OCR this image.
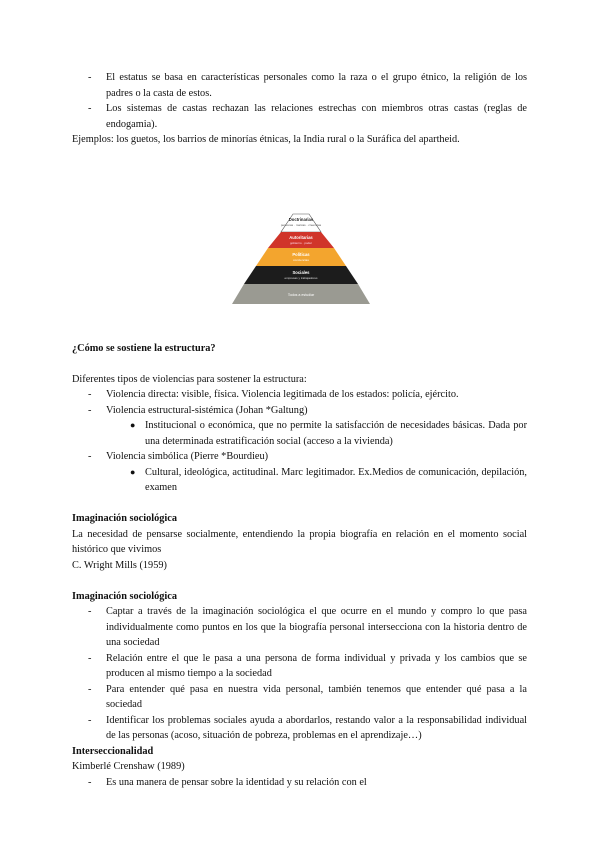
- El estatus se basa en características personales como la raza o el grupo étnico, la religión de los padres o la casta de estos.
- Los sistemas de castas rechazan las relaciones estrechas con miembros otras castas (reglas de endogamia).
Ejemplos: los guetos, los barrios de minorías étnicas, la India rural o la Suráfica del apartheid.
¿Cómo se sostiene la estructura?
Diferentes tipos de violencias para sostener la estructura:
- Violencia directa: visible, física. Violencia legitimada de los estados: policía, ejército.
- Violencia estructural-sistémica (Johan *Galtung)
● Institucional o económica, que no permite la satisfacción de necesidades básicas. Dada por una determinada estratificación social (acceso a la vivienda)
- Violencia simbólica (Pierre *Bourdieu)
● Cultural, ideológica, actitudinal. Marc legitimador. Ex.Medios de comunicación, depilación, examen
Imaginación sociológica
La necesidad de pensarse socialmente, entendiendo la propia biografía en relación en el momento social histórico que vivimos
C. Wright Mills (1959)
Imaginación sociológica
- Captar a través de la imaginación sociológica el que ocurre en el mundo y compro lo que pasa individualmente como puntos en los que la biografía personal intersecciona con la historia dentro de una sociedad
- Relación entre el que le pasa a una persona de forma individual y privada y los cambios que se producen al mismo tiempo a la sociedad
- Para entender qué pasa en nuestra vida personal, también tenemos que entender qué pasa a la sociedad
- Identificar los problemas sociales ayuda a abordarlos, restando valor a la responsabilidad individual de las personas (acoso, situación de pobreza, problemas en el aprendizaje…)
Interseccionalidad
Kimberlé Crenshaw (1989)
- Es una manera de pensar sobre la identidad y su relación con el
Doctrinarias
personas · marcas · creencias
Autoritarias
gobierno · poder
Políticas
conciencias
Sociales
empresas y trabajadores
Todos a estudiar
